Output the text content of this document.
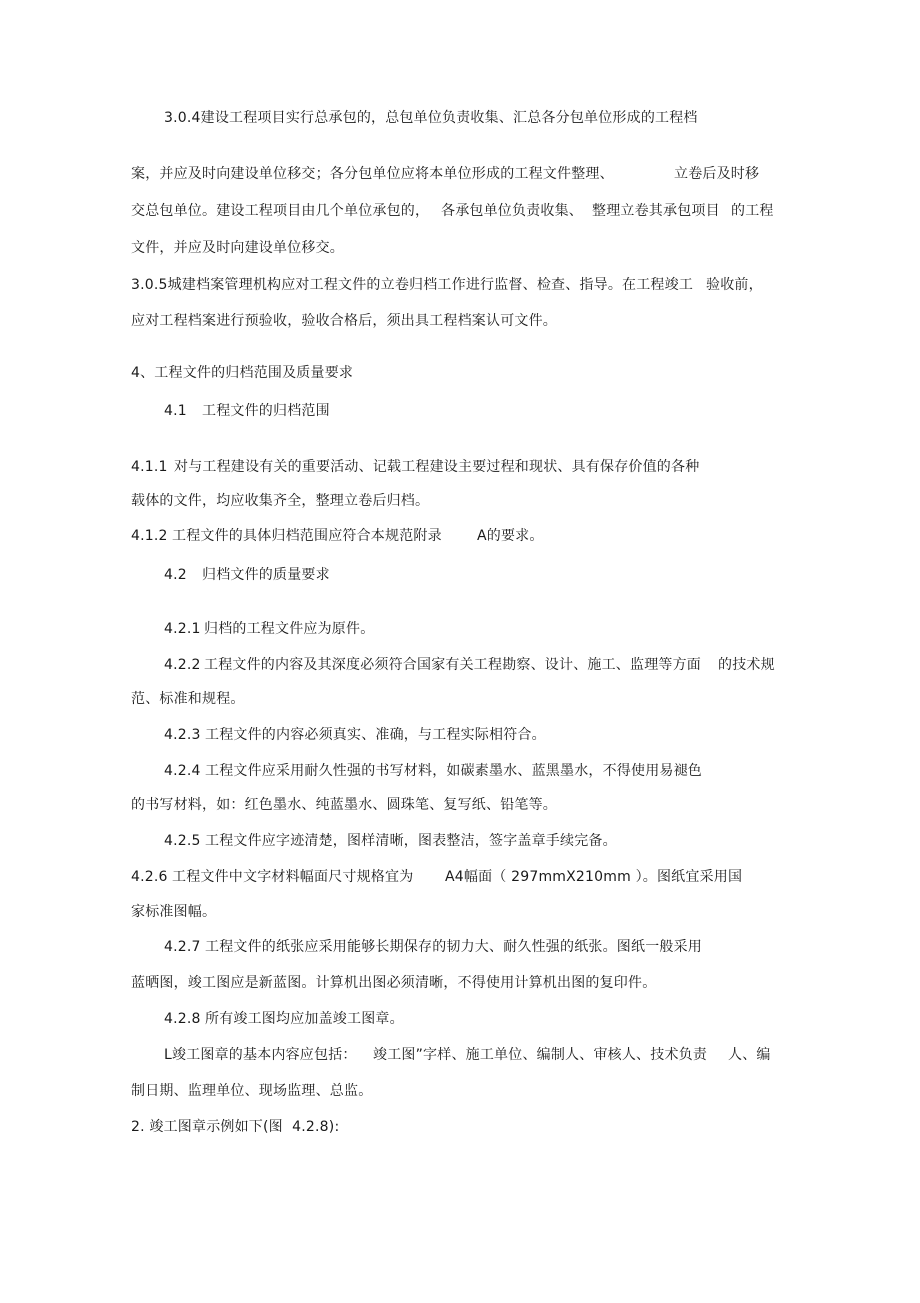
3.0.4建设工程项目实行总承包的，总包单位负责收集、汇总各分包单位形成的工程档
案，并应及时向建设单位移交；各分包单位应将本单位形成的工程文件整理、	立卷后及时移
交总包单位。建设工程项目由几个单位承包的， 各承包单位负责收集、 整理立卷其承包项目 的工程
文件，并应及时向建设单位移交。
3.0.5城建档案管理机构应对工程文件的立卷归档工作进行监督、检查、指导。在工程竣工 验收前，
应对工程档案进行预验收，验收合格后，须出具工程档案认可文件。
4、工程文件的归档范围及质量要求
4.1 工程文件的归档范围
4.1.1 对与工程建设有关的重要活动、记载工程建设主要过程和现状、具有保存价值的各种
载体的文件，均应收集齐全，整理立卷后归档。
4.1.2 工程文件的具体归档范围应符合本规范附录	A的要求。
4.2 归档文件的质量要求
4.2.1 归档的工程文件应为原件。
4.2.2 工程文件的内容及其深度必须符合国家有关工程勘察、设计、施工、监理等方面 的技术规
范、标准和规程。
4.2.3 工程文件的内容必须真实、准确，与工程实际相符合。
4.2.4 工程文件应采用耐久性强的书写材料，如碳素墨水、蓝黑墨水，不得使用易褪色
的书写材料，如：红色墨水、纯蓝墨水、圆珠笔、复写纸、铅笔等。
4.2.5 工程文件应字迹清楚，图样清晰，图表整洁，签字盖章手续完备。
4.2.6 工程文件中文字材料幅面尺寸规格宜为 A4幅面（ 297mmX210mm ）。图纸宜采用国
家标准图幅。
4.2.7 工程文件的纸张应采用能够长期保存的韧力大、耐久性强的纸张。图纸一般采用
蓝晒图，竣工图应是新蓝图。计算机出图必须清晰，不得使用计算机出图的复印件。
4.2.8 所有竣工图均应加盖竣工图章。
L竣工图章的基本内容应包括： 竣工图”字样、施工单位、编制人、审核人、技术负责 人、编
制日期、监理单位、现场监理、总监。
2. 竣工图章示例如下(图  4.2.8):
